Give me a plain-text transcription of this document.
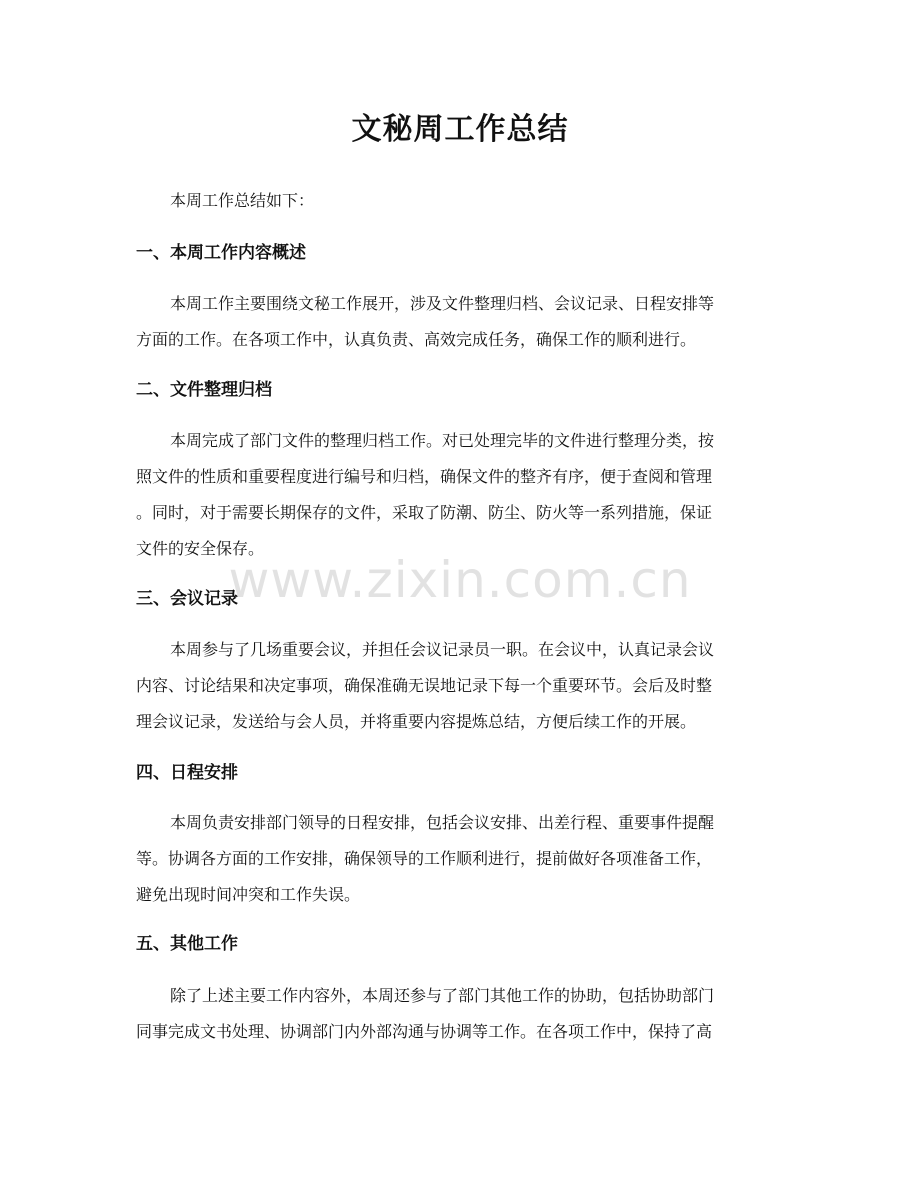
文秘周工作总结

本周工作总结如下：

一、本周工作内容概述

本周工作主要围绕文秘工作展开，涉及文件整理归档、会议记录、日程安排等
方面的工作。在各项工作中，认真负责、高效完成任务，确保工作的顺利进行。

二、文件整理归档

本周完成了部门文件的整理归档工作。对已处理完毕的文件进行整理分类，按
照文件的性质和重要程度进行编号和归档，确保文件的整齐有序，便于查阅和管理
。同时，对于需要长期保存的文件，采取了防潮、防尘、防火等一系列措施，保证
文件的安全保存。

三、会议记录

本周参与了几场重要会议，并担任会议记录员一职。在会议中，认真记录会议
内容、讨论结果和决定事项，确保准确无误地记录下每一个重要环节。会后及时整
理会议记录，发送给与会人员，并将重要内容提炼总结，方便后续工作的开展。

四、日程安排

本周负责安排部门领导的日程安排，包括会议安排、出差行程、重要事件提醒
等。协调各方面的工作安排，确保领导的工作顺利进行，提前做好各项准备工作，
避免出现时间冲突和工作失误。

五、其他工作

除了上述主要工作内容外，本周还参与了部门其他工作的协助，包括协助部门
同事完成文书处理、协调部门内外部沟通与协调等工作。在各项工作中，保持了高

www.zixin.com.cn
